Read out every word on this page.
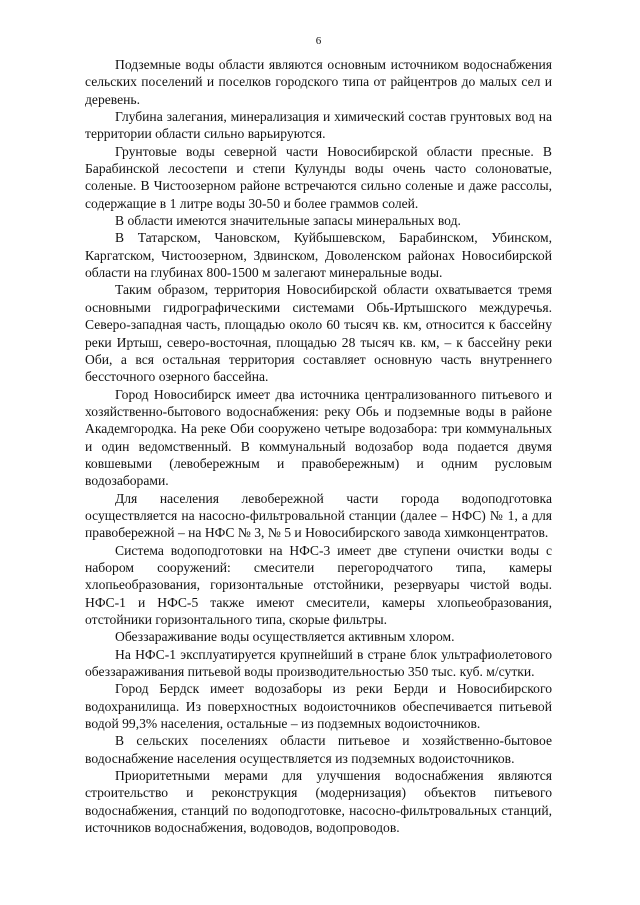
6

Подземные воды области являются основным источником водоснабжения сельских поселений и поселков городского типа от райцентров до малых сел и деревень.

Глубина залегания, минерализация и химический состав грунтовых вод на территории области сильно варьируются.

Грунтовые воды северной части Новосибирской области пресные. В Барабинской лесостепи и степи Кулунды воды очень часто солоноватые, соленые. В Чистоозерном районе встречаются сильно соленые и даже рассолы, содержащие в 1 литре воды 30-50 и более граммов солей.

В области имеются значительные запасы минеральных вод.

В Татарском, Чановском, Куйбышевском, Барабинском, Убинском, Каргатском, Чистоозерном, Здвинском, Доволенском районах Новосибирской области на глубинах 800-1500 м залегают минеральные воды.

Таким образом, территория Новосибирской области охватывается тремя основными гидрографическими системами Обь-Иртышского междуречья. Северо-западная часть, площадью около 60 тысяч кв. км, относится к бассейну реки Иртыш, северо-восточная, площадью 28 тысяч кв. км, – к бассейну реки Оби, а вся остальная территория составляет основную часть внутреннего бессточного озерного бассейна.

Город Новосибирск имеет два источника централизованного питьевого и хозяйственно-бытового водоснабжения: реку Обь и подземные воды в районе Академгородка. На реке Оби сооружено четыре водозабора: три коммунальных и один ведомственный. В коммунальный водозабор вода подается двумя ковшевыми (левобережным и правобережным) и одним русловым водозаборами.

Для населения левобережной части города водоподготовка осуществляется на насосно-фильтровальной станции (далее – НФС) № 1, а для правобережной – на НФС № 3, № 5 и Новосибирского завода химконцентратов.

Система водоподготовки на НФС-3 имеет две ступени очистки воды с набором сооружений: смесители перегородчатого типа, камеры хлопьеобразования, горизонтальные отстойники, резервуары чистой воды. НФС-1 и НФС-5 также имеют смесители, камеры хлопьеобразования, отстойники горизонтального типа, скорые фильтры.

Обеззараживание воды осуществляется активным хлором.

На НФС-1 эксплуатируется крупнейший в стране блок ультрафиолетового обеззараживания питьевой воды производительностью 350 тыс. куб. м/сутки.

Город Бердск имеет водозаборы из реки Берди и Новосибирского водохранилища. Из поверхностных водоисточников обеспечивается питьевой водой 99,3% населения, остальные – из подземных водоисточников.

В сельских поселениях области питьевое и хозяйственно-бытовое водоснабжение населения осуществляется из подземных водоисточников.

Приоритетными мерами для улучшения водоснабжения являются строительство и реконструкция (модернизация) объектов питьевого водоснабжения, станций по водоподготовке, насосно-фильтровальных станций, источников водоснабжения, водоводов, водопроводов.
